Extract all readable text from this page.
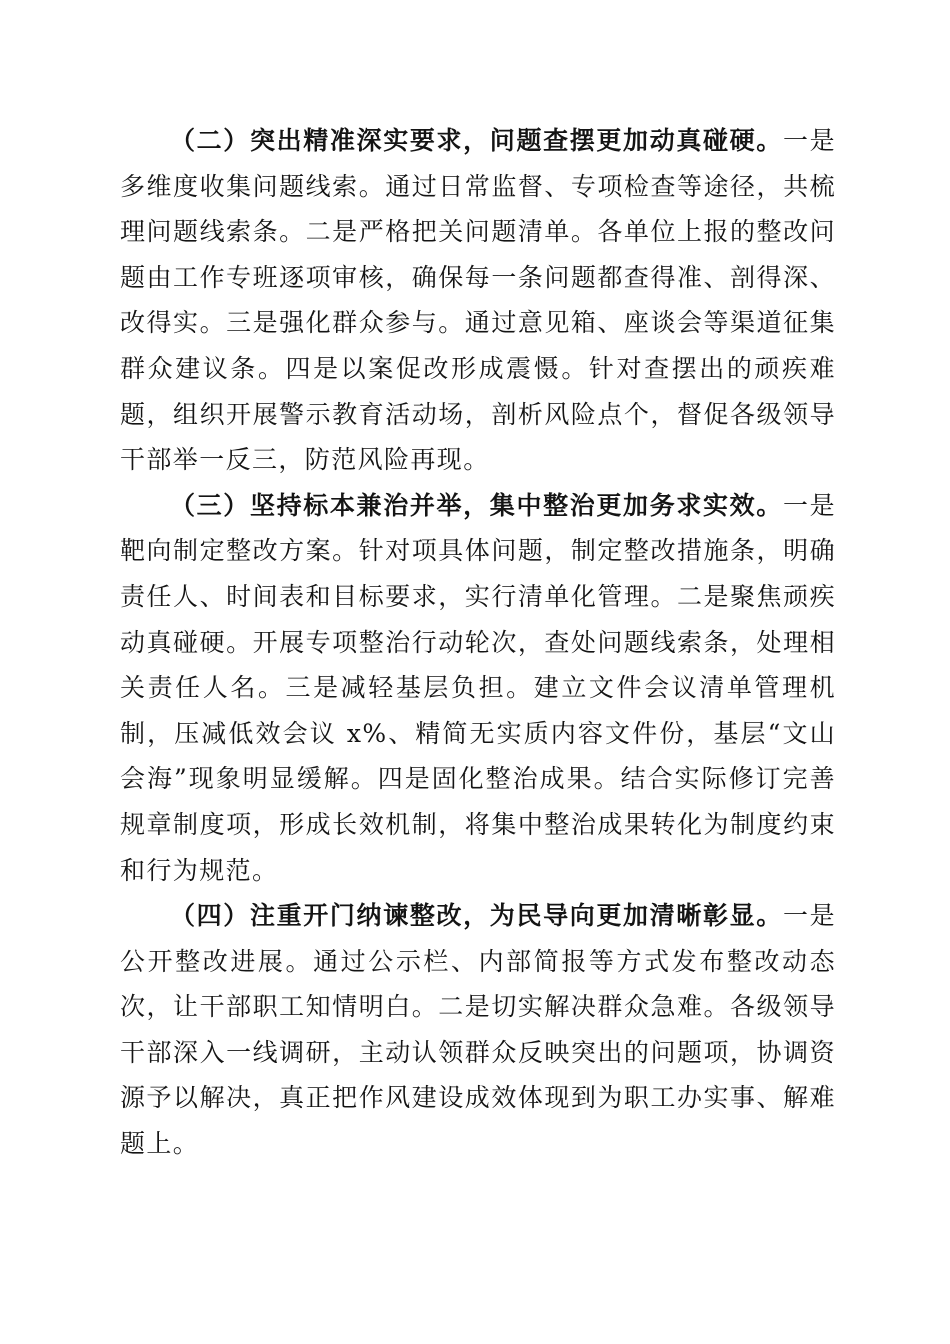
（二）突出精准深实要求，问题查摆更加动真碰硬。一是多维度收集问题线索。通过日常监督、专项检查等途径，共梳理问题线索条。二是严格把关问题清单。各单位上报的整改问题由工作专班逐项审核，确保每一条问题都查得准、剖得深、改得实。三是强化群众参与。通过意见箱、座谈会等渠道征集群众建议条。四是以案促改形成震慑。针对查摆出的顽疾难题，组织开展警示教育活动场，剖析风险点个，督促各级领导干部举一反三，防范风险再现。

（三）坚持标本兼治并举，集中整治更加务求实效。一是靶向制定整改方案。针对项具体问题，制定整改措施条，明确责任人、时间表和目标要求，实行清单化管理。二是聚焦顽疾动真碰硬。开展专项整治行动轮次，查处问题线索条，处理相关责任人名。三是减轻基层负担。建立文件会议清单管理机制，压减低效会议 x%、精简无实质内容文件份，基层“文山会海”现象明显缓解。四是固化整治成果。结合实际修订完善规章制度项，形成长效机制，将集中整治成果转化为制度约束和行为规范。

（四）注重开门纳谏整改，为民导向更加清晰彰显。一是公开整改进展。通过公示栏、内部简报等方式发布整改动态次，让干部职工知情明白。二是切实解决群众急难。各级领导干部深入一线调研，主动认领群众反映突出的问题项，协调资源予以解决，真正把作风建设成效体现到为职工办实事、解难题上。
